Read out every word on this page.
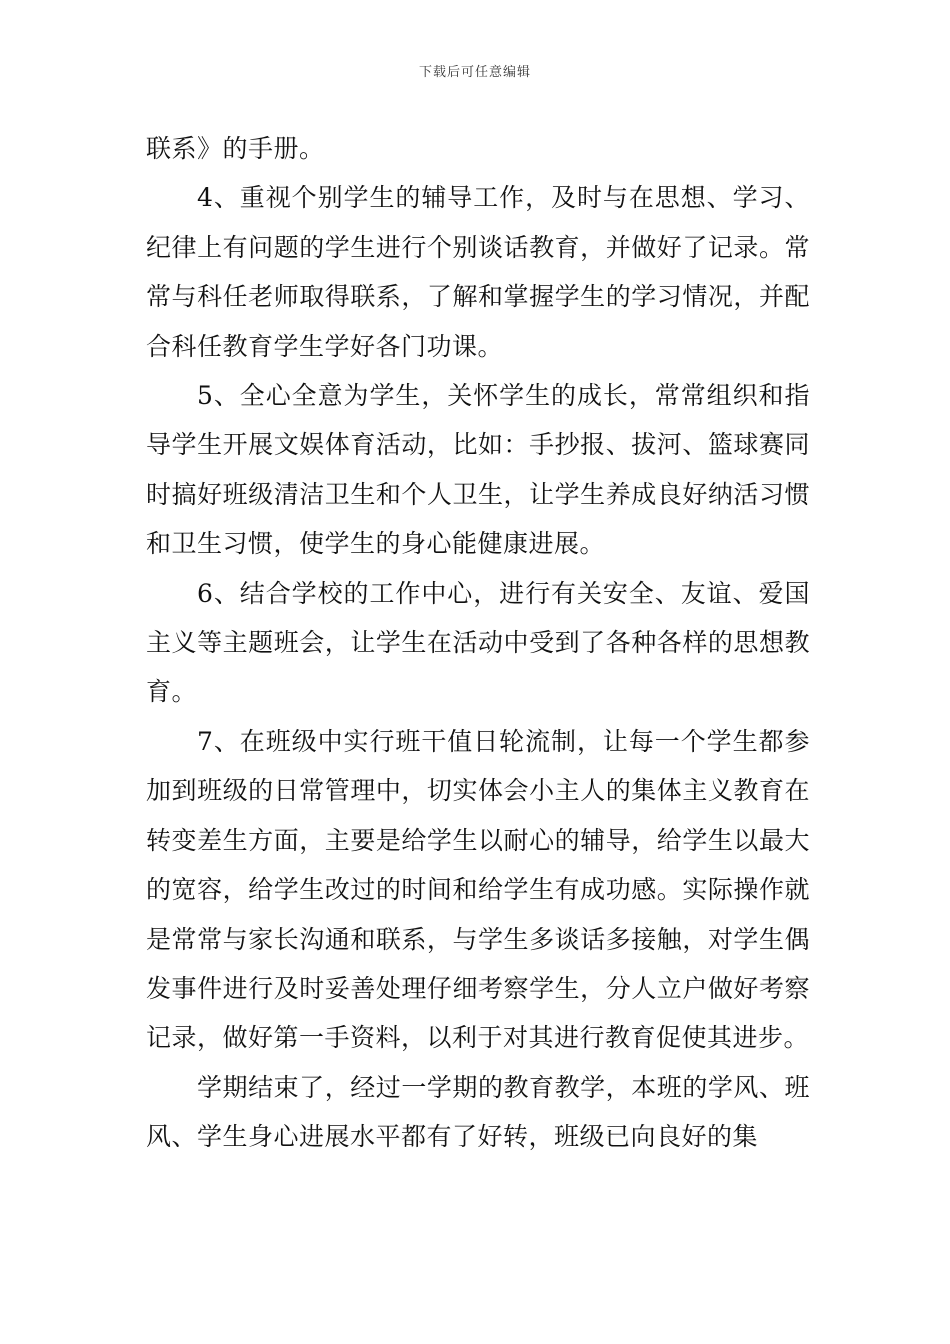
下载后可任意编辑

联系》的手册。

4、重视个别学生的辅导工作，及时与在思想、学习、纪律上有问题的学生进行个别谈话教育，并做好了记录。常常与科任老师取得联系，了解和掌握学生的学习情况，并配合科任教育学生学好各门功课。

5、全心全意为学生，关怀学生的成长，常常组织和指导学生开展文娱体育活动，比如：手抄报、拔河、篮球赛同时搞好班级清洁卫生和个人卫生，让学生养成良好纳活习惯和卫生习惯，使学生的身心能健康进展。

6、结合学校的工作中心，进行有关安全、友谊、爱国主义等主题班会，让学生在活动中受到了各种各样的思想教育。

7、在班级中实行班干值日轮流制，让每一个学生都参加到班级的日常管理中，切实体会小主人的集体主义教育在转变差生方面，主要是给学生以耐心的辅导，给学生以最大的宽容，给学生改过的时间和给学生有成功感。实际操作就是常常与家长沟通和联系，与学生多谈话多接触，对学生偶发事件进行及时妥善处理仔细考察学生，分人立户做好考察记录，做好第一手资料，以利于对其进行教育促使其进步。

学期结束了，经过一学期的教育教学，本班的学风、班风、学生身心进展水平都有了好转，班级已向良好的集
